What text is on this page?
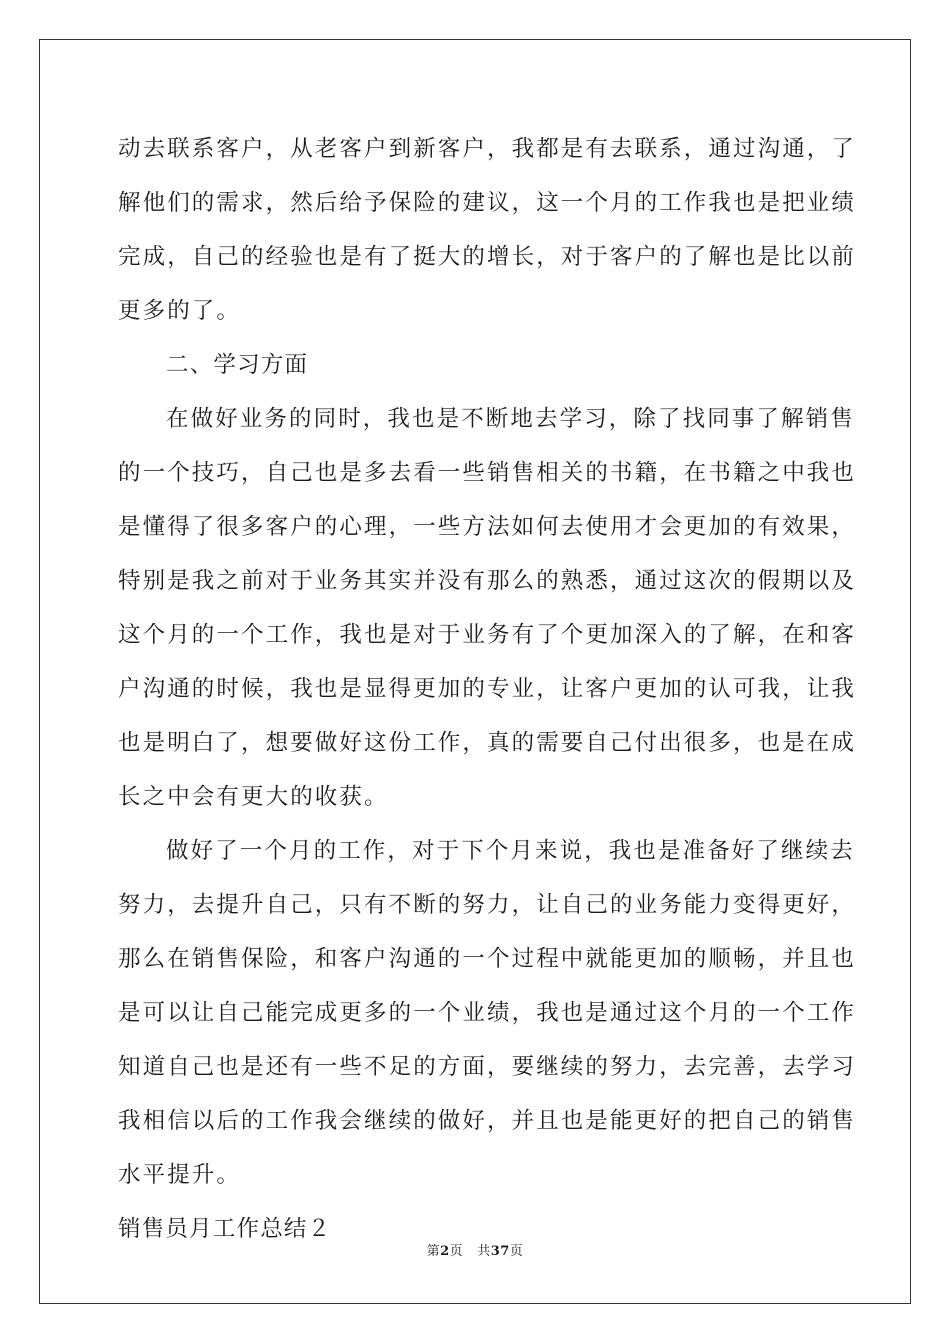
动去联系客户，从老客户到新客户，我都是有去联系，通过沟通，了
解他们的需求，然后给予保险的建议，这一个月的工作我也是把业绩
完成，自己的经验也是有了挺大的增长，对于客户的了解也是比以前
更多的了。
二、学习方面
在做好业务的同时，我也是不断地去学习，除了找同事了解销售
的一个技巧，自己也是多去看一些销售相关的书籍，在书籍之中我也
是懂得了很多客户的心理，一些方法如何去使用才会更加的有效果，
特别是我之前对于业务其实并没有那么的熟悉，通过这次的假期以及
这个月的一个工作，我也是对于业务有了个更加深入的了解，在和客
户沟通的时候，我也是显得更加的专业，让客户更加的认可我，让我
也是明白了，想要做好这份工作，真的需要自己付出很多，也是在成
长之中会有更大的收获。
做好了一个月的工作，对于下个月来说，我也是准备好了继续去
努力，去提升自己，只有不断的努力，让自己的业务能力变得更好，
那么在销售保险，和客户沟通的一个过程中就能更加的顺畅，并且也
是可以让自己能完成更多的一个业绩，我也是通过这个月的一个工作
知道自己也是还有一些不足的方面，要继续的努力，去完善，去学习
我相信以后的工作我会继续的做好，并且也是能更好的把自己的销售
水平提升。
销售员月工作总结２
第2页 共37页
